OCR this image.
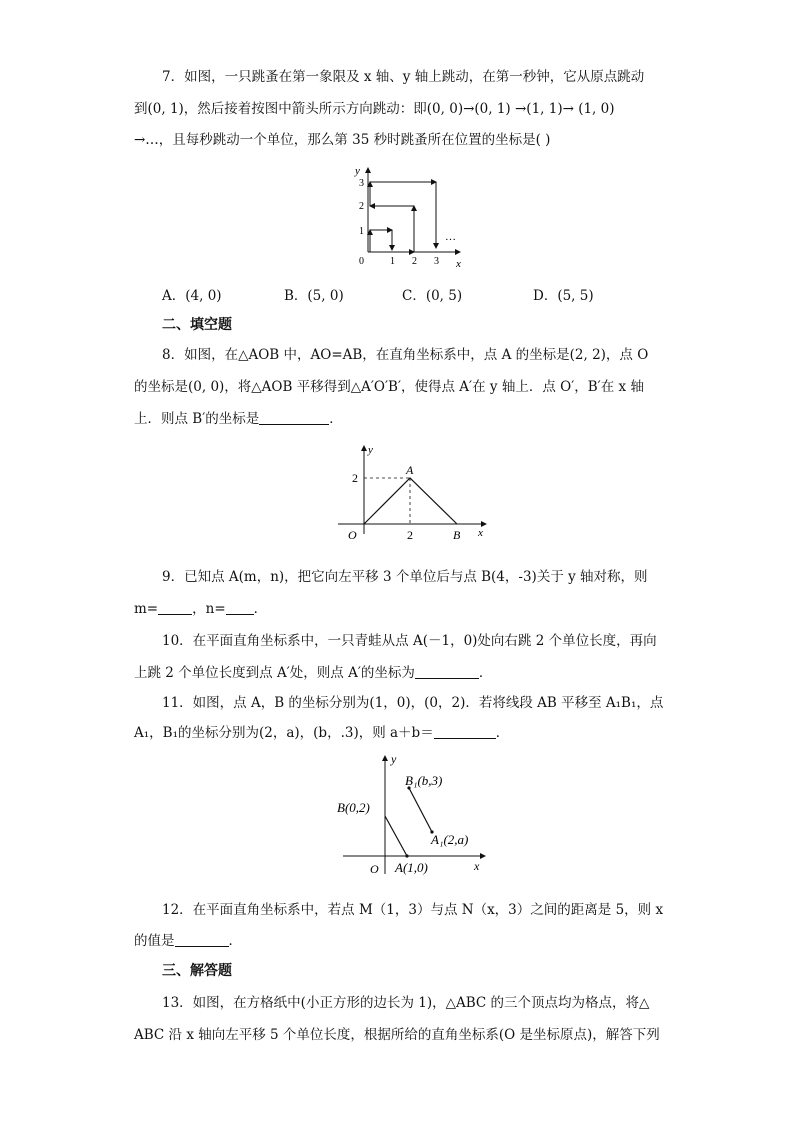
7．如图，一只跳蚤在第一象限及 x 轴、y 轴上跳动，在第一秒钟，它从原点跳动
到(0, 1)，然后接着按图中箭头所示方向跳动：即(0, 0)→(0, 1) →(1, 1)→ (1, 0)
→…，且每秒跳动一个单位，那么第 35 秒时跳蚤所在位置的坐标是( )
y
x
0	1 2 3
1
2
3
…
A．(4, 0)	B．(5, 0)	C．(0, 5)	D．(5, 5)
二、填空题
8．如图，在△AOB 中，AO=AB，在直角坐标系中，点 A 的坐标是(2, 2)，点 O
的坐标是(0, 0)，将△AOB 平移得到△A′O′B′，使得点 A′在 y 轴上．点 O′，B′在 x 轴
上．则点 B′的坐标是	．
y
x
O
A
B
2
2
9．已知点 A(m，n)，把它向左平移 3 个单位后与点 B(4，-3)关于 y 轴对称，则
m=	，n= ．
10．在平面直角坐标系中，一只青蛙从点 A(－1，0)处向右跳 2 个单位长度，再向
上跳 2 个单位长度到点 A′处，则点 A′的坐标为	．
11．如图，点 A，B 的坐标分别为(1，0)，(0，2)．若将线段 AB 平移至 A₁B₁，点
A₁，B₁的坐标分别为(2，a)，(b，.3)，则 a＋b＝	．
y
x
O
B(0,2)
A(1,0)
B₁(b,3)
A₁(2,a)
12．在平面直角坐标系中，若点 M（1，3）与点 N（x，3）之间的距离是 5，则 x
的值是	．
三、解答题
13．如图，在方格纸中(小正方形的边长为 1)，△ABC 的三个顶点均为格点，将△
ABC 沿 x 轴向左平移 5 个单位长度，根据所给的直角坐标系(O 是坐标原点)，解答下列
